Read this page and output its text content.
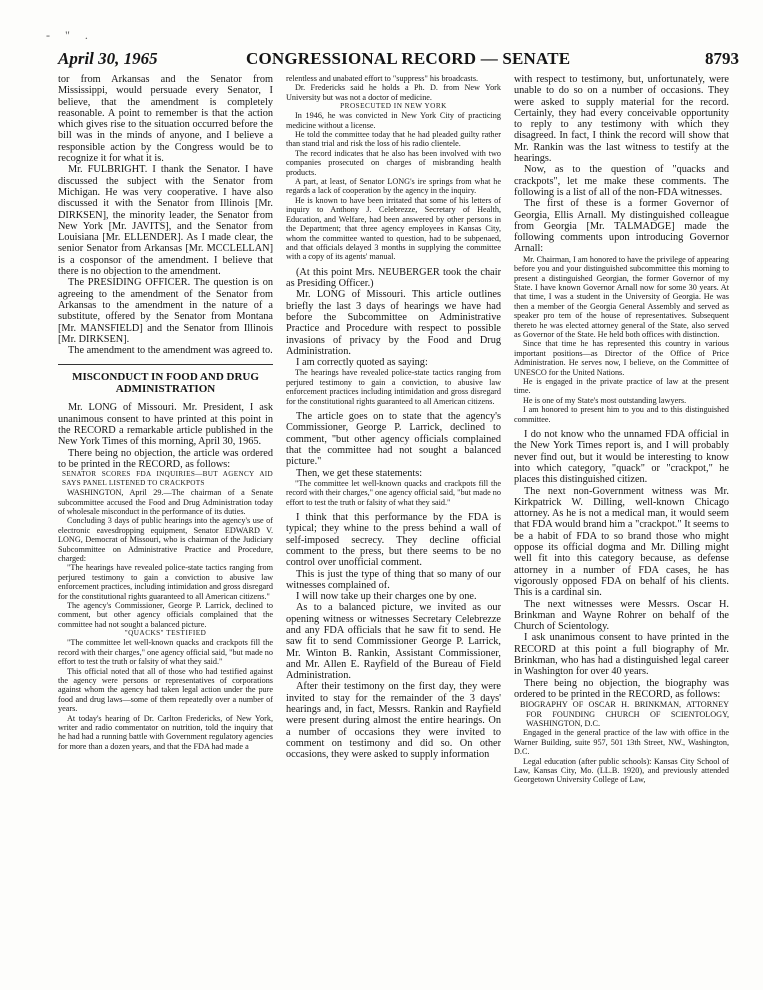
- " .
April 30, 1965	CONGRESSIONAL RECORD — SENATE	8793

tor from Arkansas and the Senator from Mississippi, would persuade every Senator, I believe, that the amendment is completely reasonable. A point to remember is that the action which gives rise to the situation occurred before the bill was in the minds of anyone, and I believe a responsible action by the Congress would be to recognize it for what it is.

Mr. FULBRIGHT. I thank the Senator. I have discussed the subject with the Senator from Michigan. He was very cooperative. I have also discussed it with the Senator from Illinois [Mr. DIRKSEN], the minority leader, the Senator from New York [Mr. JAVITS], and the Senator from Louisiana [Mr. ELLENDER]. As I made clear, the senior Senator from Arkansas [Mr. MCCLELLAN] is a cosponsor of the amendment. I believe that there is no objection to the amendment.

The PRESIDING OFFICER. The question is on agreeing to the amendment of the Senator from Arkansas to the amendment in the nature of a substitute, offered by the Senator from Montana [Mr. MANSFIELD] and the Senator from Illinois [Mr. DIRKSEN].

The amendment to the amendment was agreed to.

MISCONDUCT IN FOOD AND DRUG ADMINISTRATION

Mr. LONG of Missouri. Mr. President, I ask unanimous consent to have printed at this point in the RECORD a remarkable article published in the New York Times of this morning, April 30, 1965.

There being no objection, the article was ordered to be printed in the RECORD, as follows:

SENATOR SCORES FDA INQUIRIES—BUT AGENCY AID SAYS PANEL LISTENED TO CRACKPOTS

WASHINGTON, April 29.—The chairman of a Senate subcommittee accused the Food and Drug Administration today of wholesale misconduct in the performance of its duties.

Concluding 3 days of public hearings into the agency's use of electronic eavesdropping equipment, Senator EDWARD V. LONG, Democrat of Missouri, who is chairman of the Judiciary Subcommittee on Administrative Practice and Procedure, charged:

"The hearings have revealed police-state tactics ranging from perjured testimony to gain a conviction to abusive law enforcement practices, including intimidation and gross disregard for the constitutional rights guaranteed to all American citizens."

The agency's Commissioner, George P. Larrick, declined to comment, but other agency officials complained that the committee had not sought a balanced picture.

"QUACKS" TESTIFIED

"The committee let well-known quacks and crackpots fill the record with their charges," one agency official said, "but made no effort to test the truth or falsity of what they said."

This official noted that all of those who had testified against the agency were persons or representatives of corporations against whom the agency had taken legal action under the pure food and drug laws—some of them repeatedly over a number of years.

At today's hearing of Dr. Carlton Fredericks, of New York, writer and radio commentator on nutrition, told the inquiry that he had had a running battle with Government regulatory agencies for more than a dozen years, and that the FDA had made a

relentless and unabated effort to "suppress" his broadcasts.

Dr. Fredericks said he holds a Ph. D. from New York University but was not a doctor of medicine.

PROSECUTED IN NEW YORK

In 1946, he was convicted in New York City of practicing medicine without a license.

He told the committee today that he had pleaded guilty rather than stand trial and risk the loss of his radio clientele.

The record indicates that he also has been involved with two companies prosecuted on charges of misbranding health products.

A part, at least, of Senator LONG's ire springs from what he regards a lack of cooperation by the agency in the inquiry.

He is known to have been irritated that some of his letters of inquiry to Anthony J. Celebrezze, Secretary of Health, Education, and Welfare, had been answered by other persons in the Department; that three agency employees in Kansas City, whom the committee wanted to question, had to be subpenaed, and that officials delayed 3 months in supplying the committee with a copy of its agents' manual.

(At this point Mrs. NEUBERGER took the chair as Presiding Officer.)

Mr. LONG of Missouri. This article outlines briefly the last 3 days of hearings we have had before the Subcommittee on Administrative Practice and Procedure with respect to possible invasions of privacy by the Food and Drug Administration.

I am correctly quoted as saying:

The hearings have revealed police-state tactics ranging from perjured testimony to gain a conviction, to abusive law enforcement practices including intimidation and gross disregard for the constitutional rights guaranteed to all American citizens.

The article goes on to state that the agency's Commissioner, George P. Larrick, declined to comment, "but other agency officials complained that the committee had not sought a balanced picture."

Then, we get these statements:

"The committee let well-known quacks and crackpots fill the record with their charges," one agency official said, "but made no effort to test the truth or falsity of what they said."

I think that this performance by the FDA is typical; they whine to the press behind a wall of self-imposed secrecy. They decline official comment to the press, but there seems to be no control over unofficial comment.

This is just the type of thing that so many of our witnesses complained of.

I will now take up their charges one by one.

As to a balanced picture, we invited as our opening witness or witnesses Secretary Celebrezze and any FDA officials that he saw fit to send. He saw fit to send Commissioner George P. Larrick, Mr. Winton B. Rankin, Assistant Commissioner, and Mr. Allen E. Rayfield of the Bureau of Field Administration.

After their testimony on the first day, they were invited to stay for the remainder of the 3 days' hearings and, in fact, Messrs. Rankin and Rayfield were present during almost the entire hearings. On a number of occasions they were invited to comment on testimony and did so. On other occasions, they were asked to supply information

with respect to testimony, but, unfortunately, were unable to do so on a number of occasions. They were asked to supply material for the record. Certainly, they had every conceivable opportunity to reply to any testimony with which they disagreed. In fact, I think the record will show that Mr. Rankin was the last witness to testify at the hearings.

Now, as to the question of "quacks and crackpots", let me make these comments. The following is a list of all of the non-FDA witnesses.

The first of these is a former Governor of Georgia, Ellis Arnall. My distinguished colleague from Georgia [Mr. TALMADGE] made the following comments upon introducing Governor Arnall:

Mr. Chairman, I am honored to have the privilege of appearing before you and your distinguished subcommittee this morning to present a distinguished Georgian, the former Governor of my State. I have known Governor Arnall now for some 30 years. At that time, I was a student in the University of Georgia. He was then a member of the Georgia General Assembly and served as speaker pro tem of the house of representatives. Subsequent thereto he was elected attorney general of the State, also served as Governor of the State. He held both offices with distinction.

Since that time he has represented this country in various important positions—as Director of the Office of Price Administration. He serves now, I believe, on the Committee of UNESCO for the United Nations.

He is engaged in the private practice of law at the present time.

He is one of my State's most outstanding lawyers.

I am honored to present him to you and to this distinguished committee.

I do not know who the unnamed FDA official in the New York Times report is, and I will probably never find out, but it would be interesting to know into which category, "quack" or "crackpot," he places this distinguished citizen.

The next non-Government witness was Mr. Kirkpatrick W. Dilling, well-known Chicago attorney. As he is not a medical man, it would seem that FDA would brand him a "crackpot." It seems to be a habit of FDA to so brand those who might oppose its official dogma and Mr. Dilling might well fit into this category because, as defense attorney in a number of FDA cases, he has vigorously opposed FDA on behalf of his clients. This is a cardinal sin.

The next witnesses were Messrs. Oscar H. Brinkman and Wayne Rohrer on behalf of the Church of Scientology.

I ask unanimous consent to have printed in the RECORD at this point a full biography of Mr. Brinkman, who has had a distinguished legal career in Washington for over 40 years.

There being no objection, the biography was ordered to be printed in the RECORD, as follows:

BIOGRAPHY OF OSCAR H. BRINKMAN, ATTORNEY FOR FOUNDING CHURCH OF SCIENTOLOGY, WASHINGTON, D.C.

Engaged in the general practice of the law with office in the Warner Building, suite 957, 501 13th Street, NW., Washington, D.C.

Legal education (after public schools): Kansas City School of Law, Kansas City, Mo. (LL.B. 1920), and previously attended Georgetown University College of Law,
